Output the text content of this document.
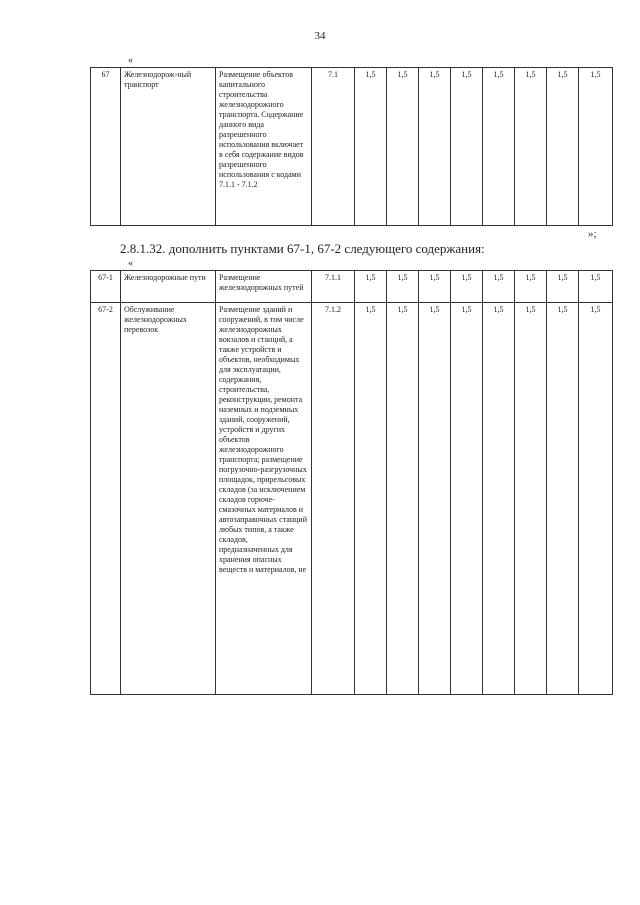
34
«
67	Железнодорож-ный транспорт	Размещение объектов капитального строительства железнодорожного транспорта. Содержание данного вида разрешенного использования включает в себя содержание видов разрешенного использования с кодами 7.1.1 - 7.1.2	7.1	1,5	1,5	1,5	1,5	1,5	1,5	1,5	1,5
»;
2.8.1.32. дополнить пунктами 67-1, 67-2 следующего содержания:
«
67-1	Железнодорожные пути	Размещение железнодорожных путей	7.1.1	1,5	1,5	1,5	1,5	1,5	1,5	1,5	1,5
67-2	Обслуживание железнодорожных перевозок	Размещение зданий и сооружений, в том числе железнодорожных вокзалов и станций, а также устройств и объектов, необходимых для эксплуатации, содержания, строительства, реконструкции, ремонта наземных и подземных зданий, сооружений, устройств и других объектов железнодорожного транспорта; размещение погрузочно-разгрузочных площадок, прирельсовых складов (за исключением складов горюче-смазочных материалов и автозаправочных станций любых типов, а также складов, предназначенных для хранения опасных веществ и материалов, не	7.1.2	1,5	1,5	1,5	1,5	1,5	1,5	1,5	1,5
